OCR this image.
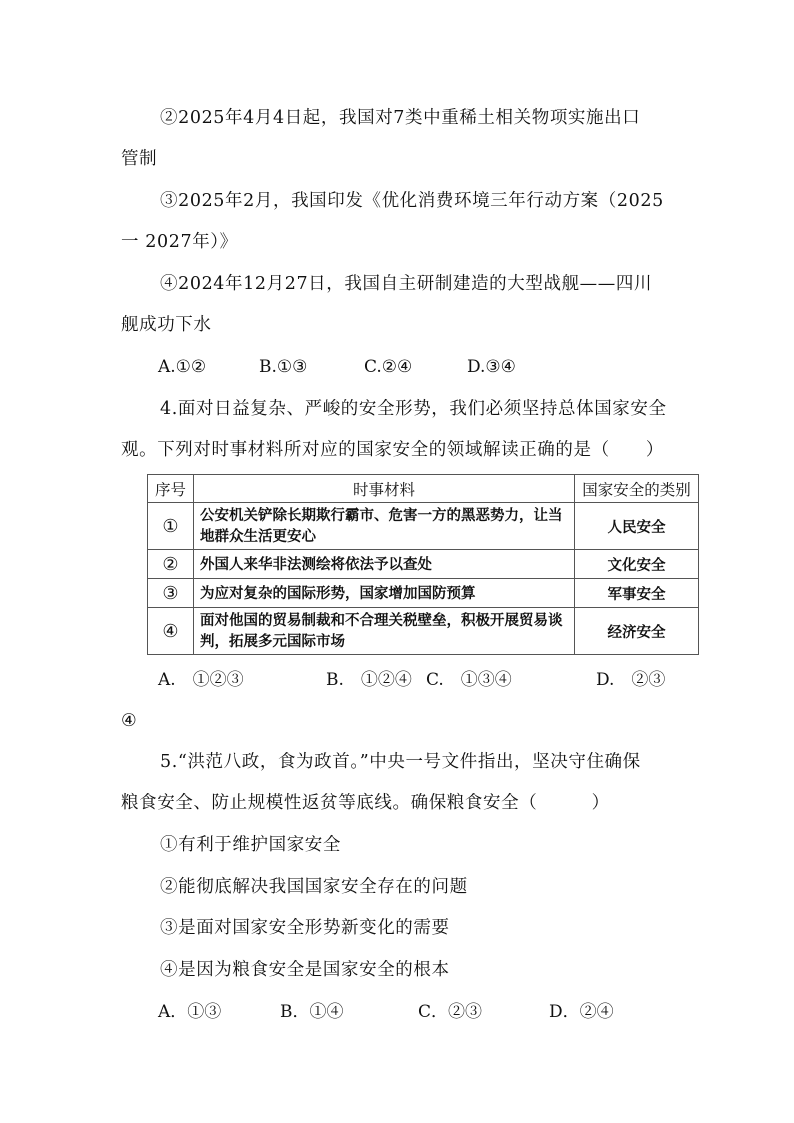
②2025年4月4日起，我国对7类中重稀土相关物项实施出口
管制
③2025年2月，我国印发《优化消费环境三年行动方案（2025
一 2027年）》
④2024年12月27日，我国自主研制建造的大型战舰——四川
舰成功下水
A.①②	B.①③	C.②④	D.③④
4.面对日益复杂、严峻的安全形势，我们必须坚持总体国家安全
观。下列对时事材料所对应的国家安全的领域解读正确的是（　　）
序号	时事材料	国家安全的类别
①	公安机关铲除长期欺行霸市、危害一方的黑恶势力，让当地群众生活更安心	人民安全
②	外国人来华非法测绘将依法予以查处	文化安全
③	为应对复杂的国际形势，国家增加国防预算	军事安全
④	面对他国的贸易制裁和不合理关税壁垒，积极开展贸易谈判，拓展多元国际市场	经济安全
A.　①②③	B.　①②④ C.　①③④	D.　②③
④
5.“洪范八政，食为政首。”中央一号文件指出，坚决守住确保
粮食安全、防止规模性返贫等底线。确保粮食安全（　　　）
①有利于维护国家安全
②能彻底解决我国国家安全存在的问题
③是面对国家安全形势新变化的需要
④是因为粮食安全是国家安全的根本
A．①③	B．①④	C．②③	D．②④
